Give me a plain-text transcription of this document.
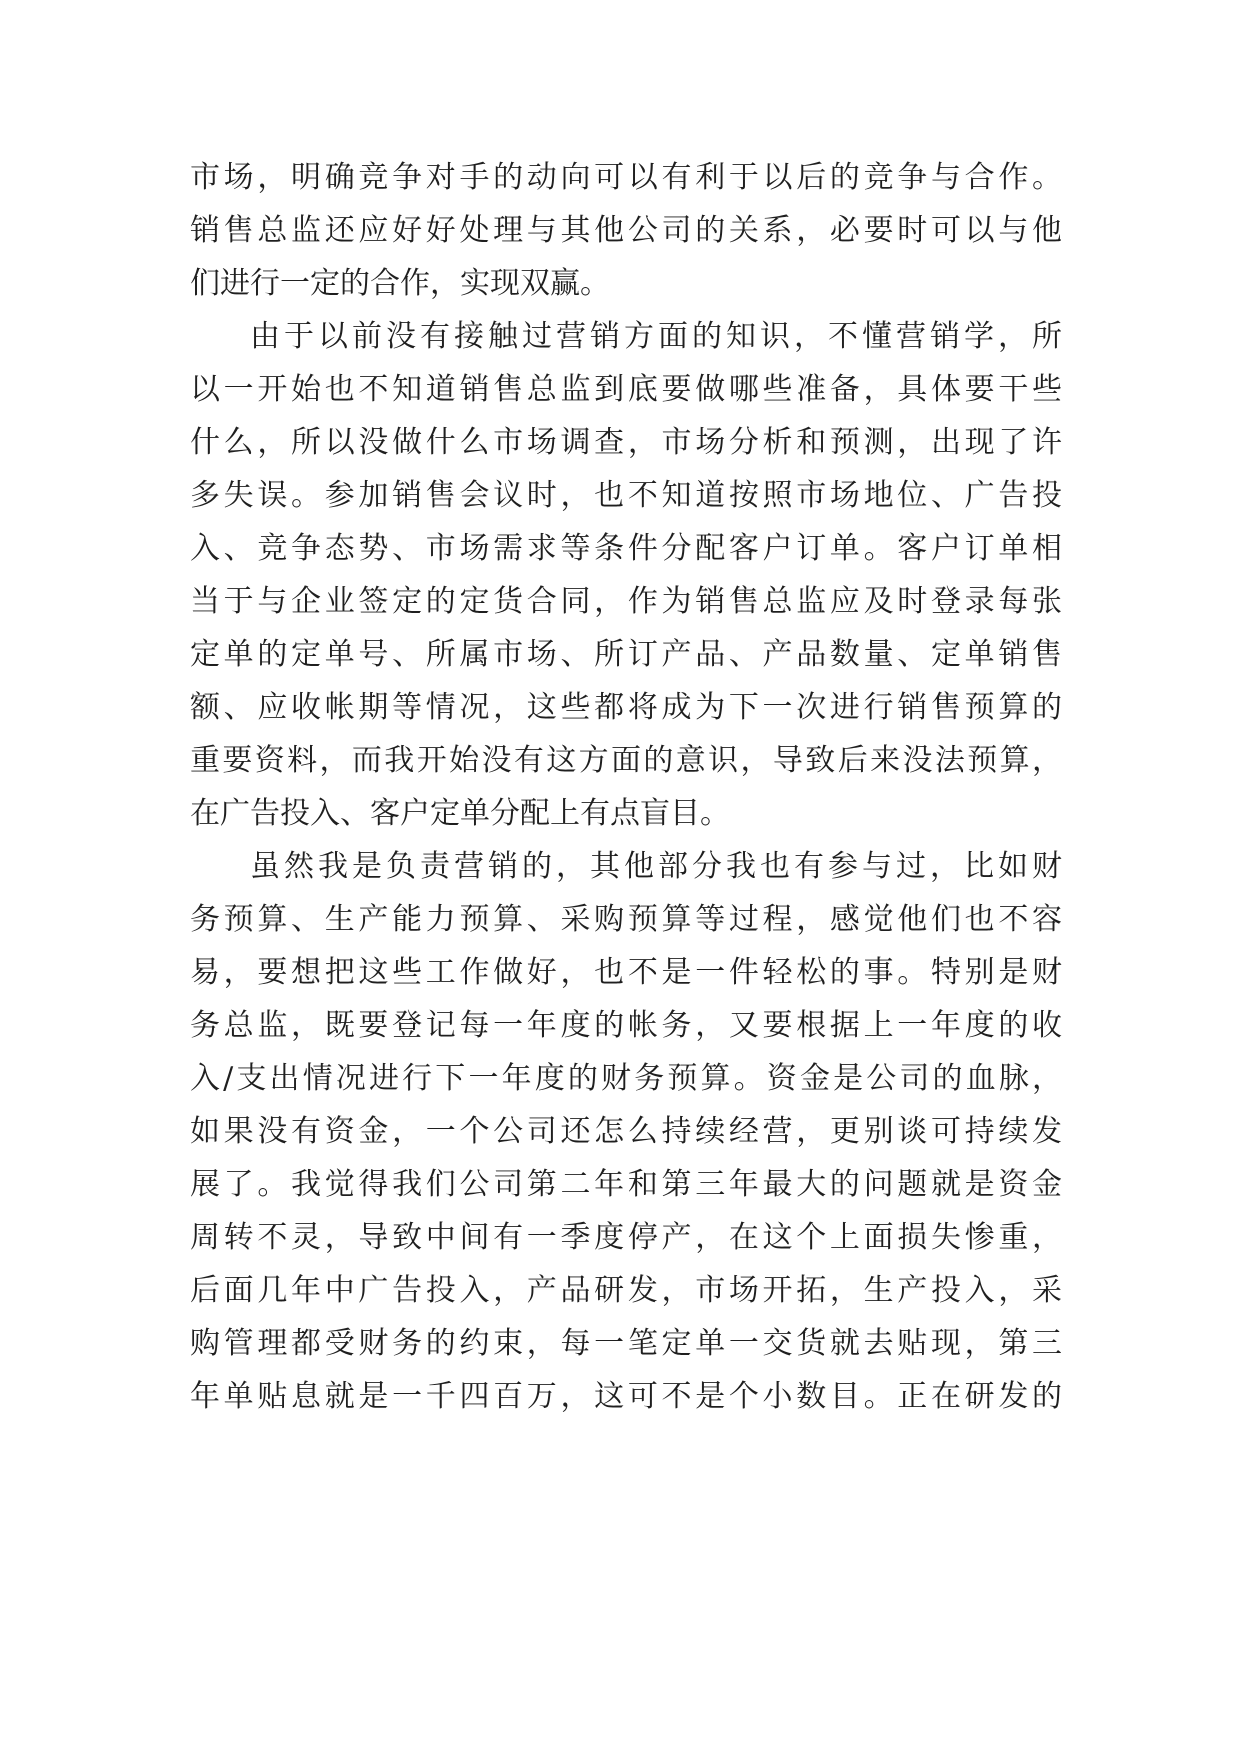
市场，明确竞争对手的动向可以有利于以后的竞争与合作。
销售总监还应好好处理与其他公司的关系，必要时可以与他
们进行一定的合作，实现双赢。
由于以前没有接触过营销方面的知识，不懂营销学，所
以一开始也不知道销售总监到底要做哪些准备，具体要干些
什么，所以没做什么市场调查，市场分析和预测，出现了许
多失误。参加销售会议时，也不知道按照市场地位、广告投
入、竞争态势、市场需求等条件分配客户订单。客户订单相
当于与企业签定的定货合同，作为销售总监应及时登录每张
定单的定单号、所属市场、所订产品、产品数量、定单销售
额、应收帐期等情况，这些都将成为下一次进行销售预算的
重要资料，而我开始没有这方面的意识，导致后来没法预算，
在广告投入、客户定单分配上有点盲目。
虽然我是负责营销的，其他部分我也有参与过，比如财
务预算、生产能力预算、采购预算等过程，感觉他们也不容
易，要想把这些工作做好，也不是一件轻松的事。特别是财
务总监，既要登记每一年度的帐务，又要根据上一年度的收
入/支出情况进行下一年度的财务预算。资金是公司的血脉，
如果没有资金，一个公司还怎么持续经营，更别谈可持续发
展了。我觉得我们公司第二年和第三年最大的问题就是资金
周转不灵，导致中间有一季度停产，在这个上面损失惨重，
后面几年中广告投入，产品研发，市场开拓，生产投入，采
购管理都受财务的约束，每一笔定单一交货就去贴现，第三
年单贴息就是一千四百万，这可不是个小数目。正在研发的
